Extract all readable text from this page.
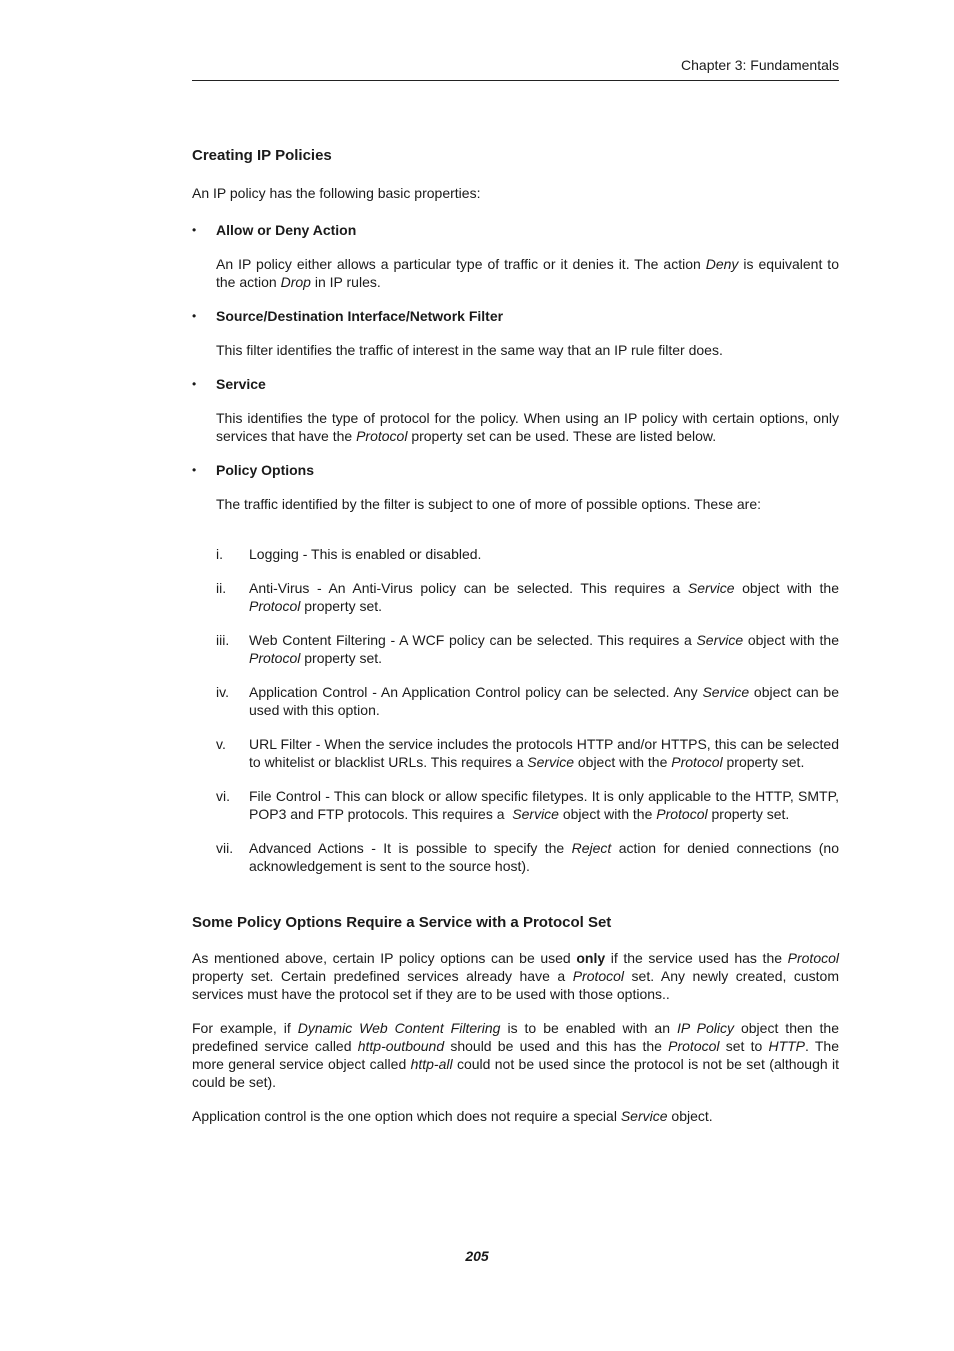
Chapter 3: Fundamentals
Creating IP Policies

An IP policy has the following basic properties:

• Allow or Deny Action

An IP policy either allows a particular type of traffic or it denies it. The action Deny is equivalent to the action Drop in IP rules.

• Source/Destination Interface/Network Filter

This filter identifies the traffic of interest in the same way that an IP rule filter does.

• Service

This identifies the type of protocol for the policy. When using an IP policy with certain options, only services that have the Protocol property set can be used. These are listed below.

• Policy Options

The traffic identified by the filter is subject to one of more of possible options. These are:

i. Logging - This is enabled or disabled.

ii. Anti-Virus - An Anti-Virus policy can be selected. This requires a Service object with the Protocol property set.

iii. Web Content Filtering - A WCF policy can be selected. This requires a Service object with the Protocol property set.

iv. Application Control - An Application Control policy can be selected. Any Service object can be used with this option.

v. URL Filter - When the service includes the protocols HTTP and/or HTTPS, this can be selected to whitelist or blacklist URLs. This requires a Service object with the Protocol property set.

vi. File Control - This can block or allow specific filetypes. It is only applicable to the HTTP, SMTP, POP3 and FTP protocols. This requires a  Service object with the Protocol property set.

vii. Advanced Actions - It is possible to specify the Reject action for denied connections (no acknowledgement is sent to the source host).

Some Policy Options Require a Service with a Protocol Set

As mentioned above, certain IP policy options can be used only if the service used has the Protocol property set. Certain predefined services already have a Protocol set. Any newly created, custom services must have the protocol set if they are to be used with those options..

For example, if Dynamic Web Content Filtering is to be enabled with an IP Policy object then the predefined service called http-outbound should be used and this has the Protocol set to HTTP. The more general service object called http-all could not be used since the protocol is not be set (although it could be set).

Application control is the one option which does not require a special Service object.

205
